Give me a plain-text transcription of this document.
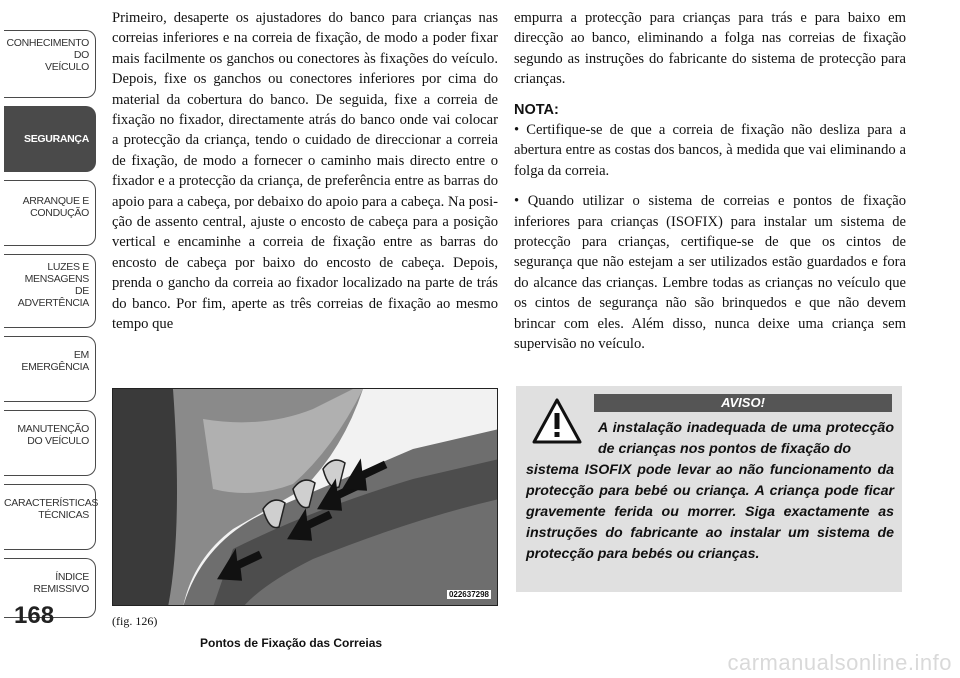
CONHECIMENTO
DO
VEÍCULO
SEGURANÇA
ARRANQUE E
CONDUÇÃO
LUZES E
MENSAGENS
DE
ADVERTÊNCIA
EM
EMERGÊNCIA
MANUTENÇÃO
DO VEÍCULO
CARACTERÍSTICAS
TÉCNICAS
ÍNDICE
REMISSIVO
168

Primeiro, desaperte os ajustadores do banco para crianças nas correias inferiores e na correia de fixação, de modo a poder fixar mais facilmente os ganchos ou conectores às fixações do veículo. Depois, fixe os ganchos ou conectores inferiores por cima do material da cobertura do banco. De seguida, fixe a correia de fixação no fixador, directamente atrás do banco onde vai colocar a protecção da criança, tendo o cuidado de direccionar a correia de fixação, de modo a fornecer o caminho mais directo entre o fixador e a protecção da criança, de preferência entre as barras do apoio para a cabeça, por debaixo do apoio para a cabeça. Na posição de assento central, ajuste o encosto de cabeça para a posição vertical e encaminhe a correia de fixação entre as barras do encosto de cabeça por baixo do encosto de cabeça. Depois, prenda o gancho da correia ao fixador localizado na parte de trás do banco. Por fim, aperte as três correias de fixação ao mesmo tempo que

empurra a protecção para crianças para trás e para baixo em direcção ao banco, eliminando a folga nas correias de fixação segundo as instruções do fabricante do sistema de protecção para crianças.

NOTA:

• Certifique-se de que a correia de fixação não desliza para a abertura entre as costas dos bancos, à medida que vai eliminando a folga da correia.

• Quando utilizar o sistema de correias e pontos de fixação inferiores para crianças (ISOFIX) para instalar um sistema de protecção para crianças, certifique-se de que os cintos de segurança que não estejam a ser utilizados estão guardados e fora do alcance das crianças. Lembre todas as crianças no veículo que os cintos de segurança não são brinquedos e que não devem brincar com eles. Além disso, nunca deixe uma criança sem supervisão no veículo.

022637298
(fig. 126)
Pontos de Fixação das Correias
AVISO!
A instalação inadequada de uma protecção de crianças nos pontos de fixação do
sistema ISOFIX pode levar ao não funcionamento da protecção para bebé ou criança. A criança pode ficar gravemente ferida ou morrer. Siga exactamente as instruções do fabricante ao instalar um sistema de protecção para bebés ou crianças.
carmanualsonline.info
